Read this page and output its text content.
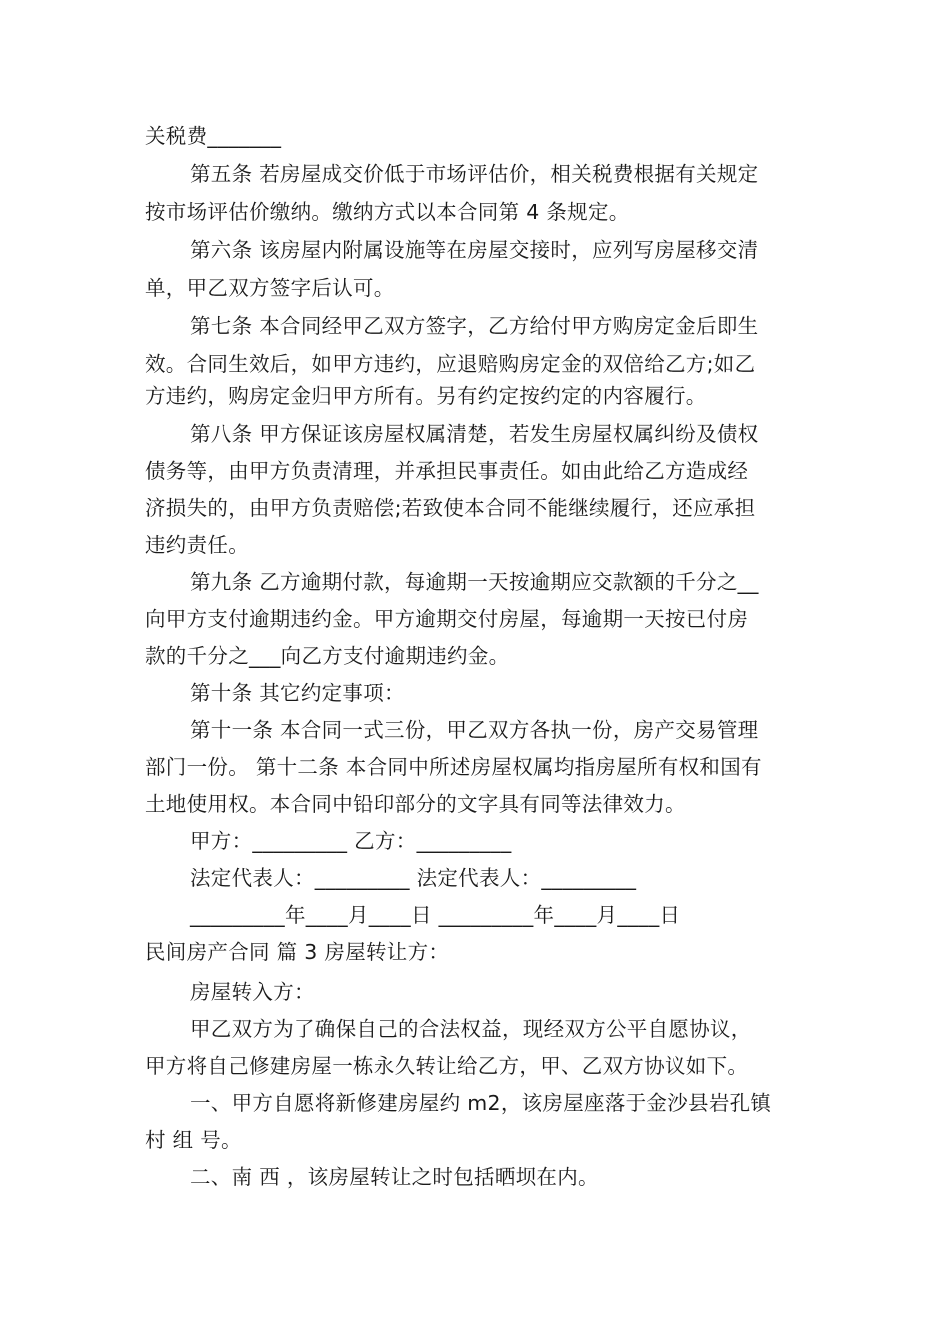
关税费_______
第五条 若房屋成交价低于市场评估价，相关税费根据有关规定
按市场评估价缴纳。缴纳方式以本合同第 4 条规定。
第六条 该房屋内附属设施等在房屋交接时，应列写房屋移交清
单，甲乙双方签字后认可。
第七条 本合同经甲乙双方签字，乙方给付甲方购房定金后即生
效。合同生效后，如甲方违约，应退赔购房定金的双倍给乙方;如乙
方违约，购房定金归甲方所有。另有约定按约定的内容履行。
第八条 甲方保证该房屋权属清楚，若发生房屋权属纠纷及债权
债务等，由甲方负责清理，并承担民事责任。如由此给乙方造成经
济损失的，由甲方负责赔偿;若致使本合同不能继续履行，还应承担
违约责任。
第九条 乙方逾期付款，每逾期一天按逾期应交款额的千分之__
向甲方支付逾期违约金。甲方逾期交付房屋，每逾期一天按已付房
款的千分之___向乙方支付逾期违约金。
第十条 其它约定事项：
第十一条 本合同一式三份，甲乙双方各执一份，房产交易管理
部门一份。 第十二条 本合同中所述房屋权属均指房屋所有权和国有
土地使用权。本合同中铅印部分的文字具有同等法律效力。
甲方：_________ 乙方：_________
法定代表人：_________ 法定代表人：_________
_________年____月____日 _________年____月____日
民间房产合同 篇 3 房屋转让方：
房屋转入方：
甲乙双方为了确保自己的合法权益，现经双方公平自愿协议，
甲方将自己修建房屋一栋永久转让给乙方，甲、乙双方协议如下。
一、甲方自愿将新修建房屋约 m2，该房屋座落于金沙县岩孔镇
村 组 号。
二、南 西 ，该房屋转让之时包括晒坝在内。
